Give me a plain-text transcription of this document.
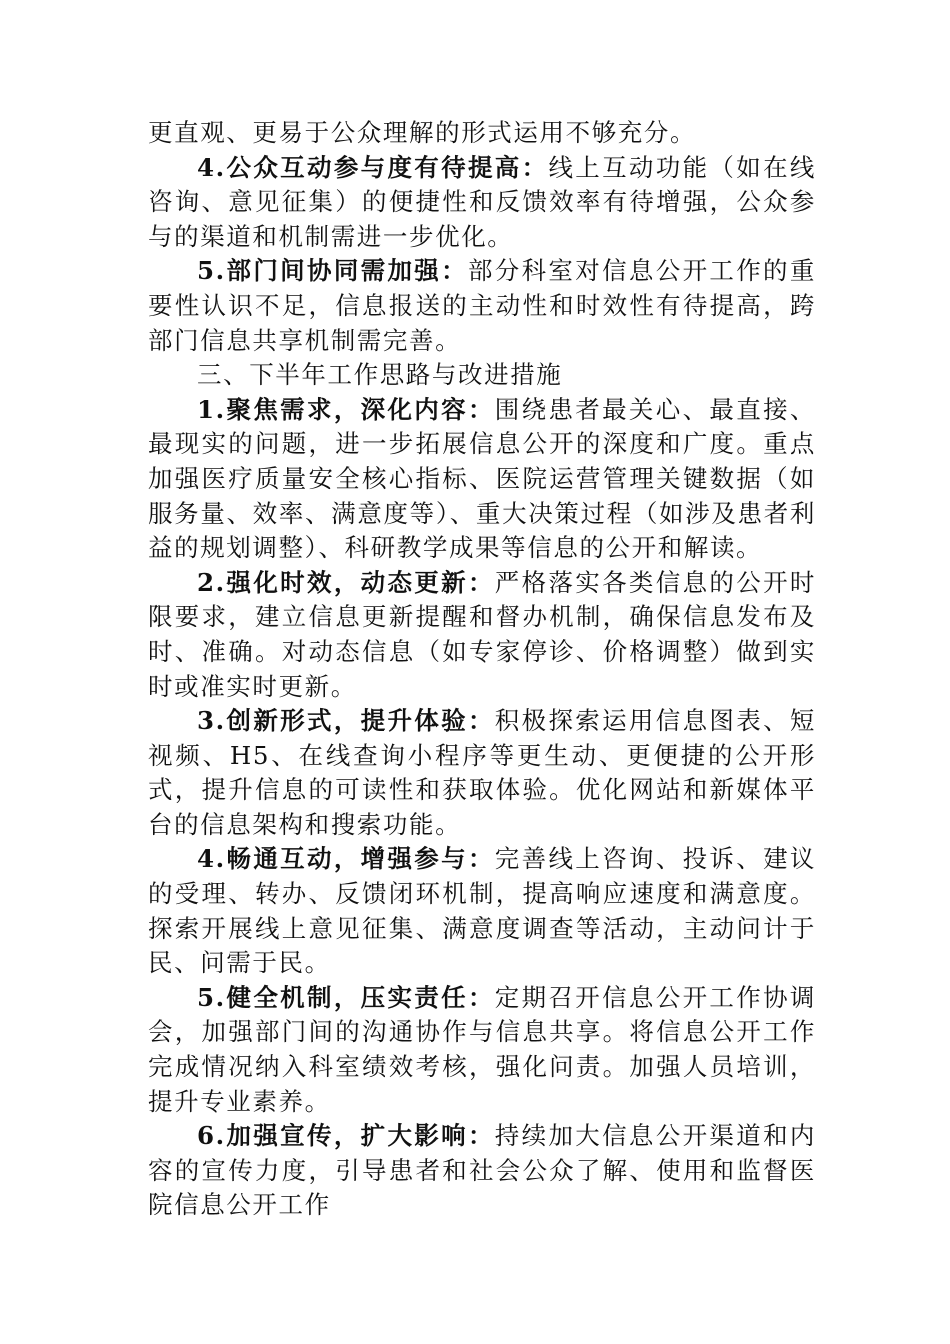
更直观、更易于公众理解的形式运用不够充分。

4.公众互动参与度有待提高：线上互动功能（如在线咨询、意见征集）的便捷性和反馈效率有待增强，公众参与的渠道和机制需进一步优化。

5.部门间协同需加强：部分科室对信息公开工作的重要性认识不足，信息报送的主动性和时效性有待提高，跨部门信息共享机制需完善。

三、下半年工作思路与改进措施

1.聚焦需求，深化内容：围绕患者最关心、最直接、最现实的问题，进一步拓展信息公开的深度和广度。重点加强医疗质量安全核心指标、医院运营管理关键数据（如服务量、效率、满意度等）、重大决策过程（如涉及患者利益的规划调整）、科研教学成果等信息的公开和解读。

2.强化时效，动态更新：严格落实各类信息的公开时限要求，建立信息更新提醒和督办机制，确保信息发布及时、准确。对动态信息（如专家停诊、价格调整）做到实时或准实时更新。

3.创新形式，提升体验：积极探索运用信息图表、短视频、H5、在线查询小程序等更生动、更便捷的公开形式，提升信息的可读性和获取体验。优化网站和新媒体平台的信息架构和搜索功能。

4.畅通互动，增强参与：完善线上咨询、投诉、建议的受理、转办、反馈闭环机制，提高响应速度和满意度。探索开展线上意见征集、满意度调查等活动，主动问计于民、问需于民。

5.健全机制，压实责任：定期召开信息公开工作协调会，加强部门间的沟通协作与信息共享。将信息公开工作完成情况纳入科室绩效考核，强化问责。加强人员培训，提升专业素养。

6.加强宣传，扩大影响：持续加大信息公开渠道和内容的宣传力度，引导患者和社会公众了解、使用和监督医院信息公开工作
